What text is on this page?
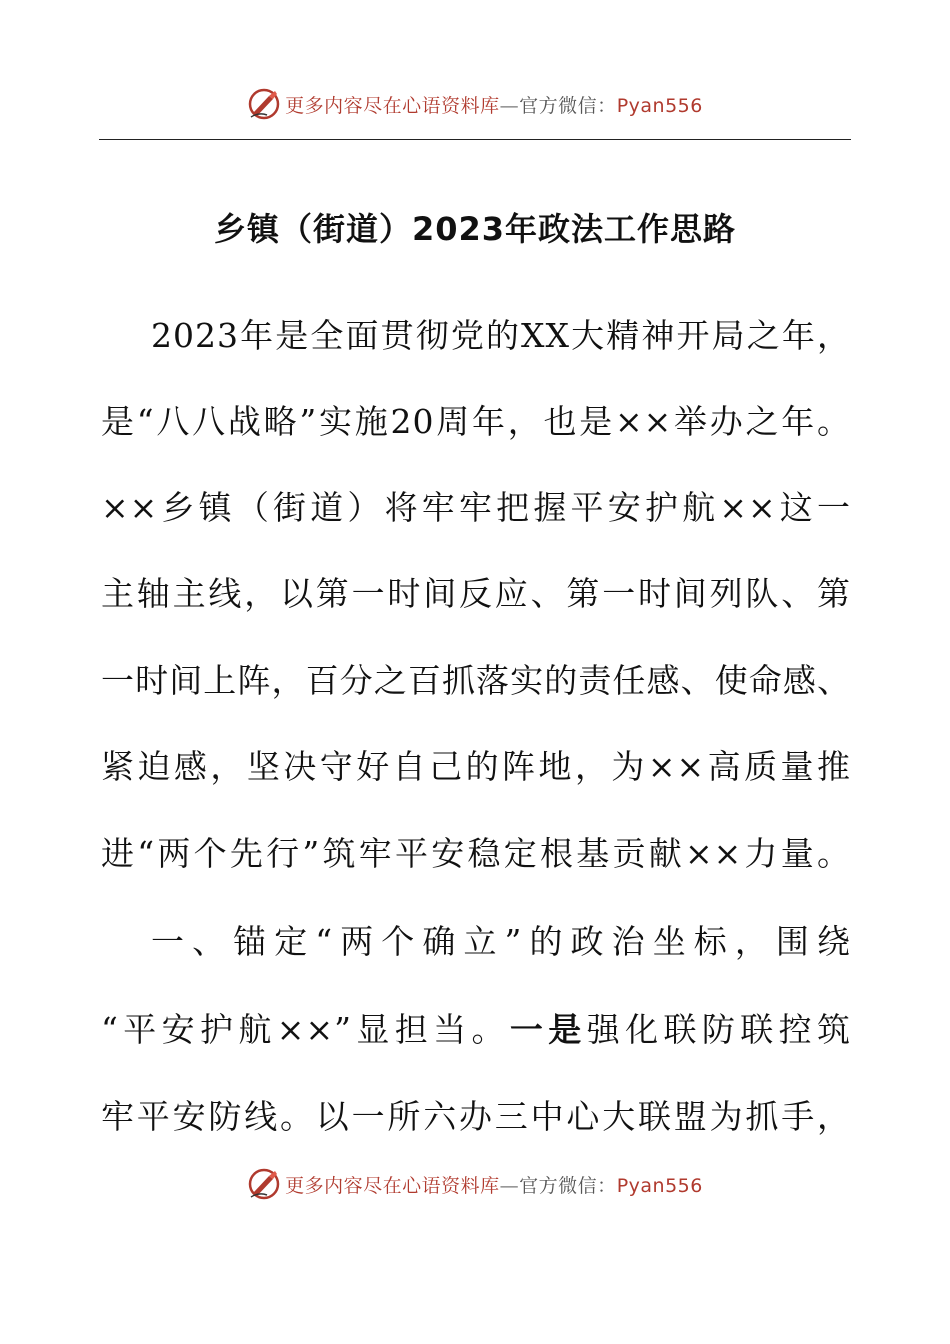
更多内容尽在心语资料库—官方微信：Pyan556
乡镇（街道）2023年政法工作思路
2023年是全面贯彻党的XX大精神开局之年，
是“八八战略”实施20周年，也是××举办之年。
××乡镇（街道）将牢牢把握平安护航××这一
主轴主线，以第一时间反应、第一时间列队、第
一时间上阵，百分之百抓落实的责任感、使命感、
紧迫感，坚决守好自己的阵地，为××高质量推
进“两个先行”筑牢平安稳定根基贡献××力量。
一、锚定“两个确立”的政治坐标，围绕
“平安护航××”显担当。一是强化联防联控筑
牢平安防线。以一所六办三中心大联盟为抓手，
更多内容尽在心语资料库—官方微信：Pyan556
